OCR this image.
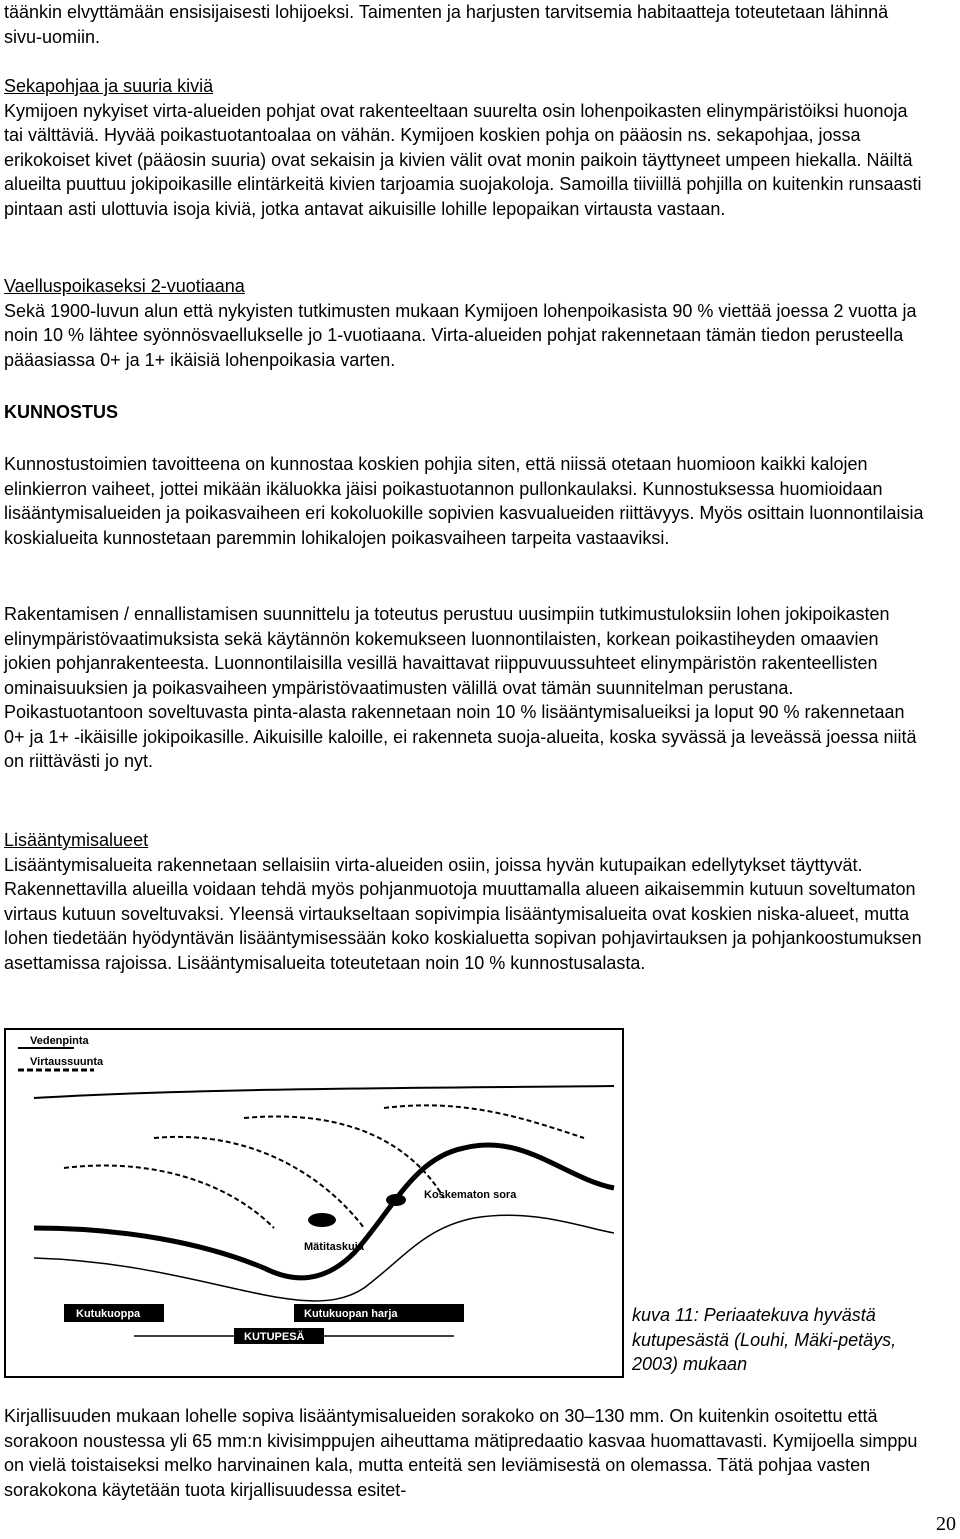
täänkin elvyttämään ensisijaisesti lohijoeksi. Taimenten ja harjusten tarvitsemia habitaatteja toteutetaan lähinnä sivu-uomiin.

Sekapohjaa ja suuria kiviä

Kymijoen nykyiset virta-alueiden pohjat ovat rakenteeltaan suurelta osin lohenpoikasten elinympäristöiksi huonoja tai välttäviä. Hyvää poikastuotantoalaa on vähän. Kymijoen koskien pohja on pääosin ns. sekapohjaa, jossa erikokoiset kivet (pääosin suuria) ovat sekaisin ja kivien välit ovat monin paikoin täyttyneet umpeen hiekalla. Näiltä alueilta puuttuu jokipoikasille elintärkeitä kivien tarjoamia suojakoloja. Samoilla tiiviillä pohjilla on kuitenkin runsaasti pintaan asti ulottuvia isoja kiviä, jotka antavat aikuisille lohille lepopaikan virtausta vastaan.

Vaelluspoikaseksi 2-vuotiaana

Sekä 1900-luvun alun että nykyisten tutkimusten mukaan Kymijoen lohenpoikasista 90 % viettää joessa 2 vuotta ja noin 10 % lähtee syönnösvaellukselle jo 1-vuotiaana. Virta-alueiden pohjat rakennetaan tämän tiedon perusteella pääasiassa 0+ ja 1+ ikäisiä lohenpoikasia varten.

KUNNOSTUS

Kunnostustoimien tavoitteena on kunnostaa koskien pohjia siten, että niissä otetaan huomioon kaikki kalojen elinkierron vaiheet, jottei mikään ikäluokka jäisi poikastuotannon pullonkaulaksi. Kunnostuksessa huomioidaan lisääntymisalueiden ja poikasvaiheen eri kokoluokille sopivien kasvualueiden riittävyys. Myös osittain luonnontilaisia koskialueita kunnostetaan paremmin lohikalojen poikasvaiheen tarpeita vastaaviksi.

Rakentamisen / ennallistamisen suunnittelu ja toteutus perustuu uusimpiin tutkimustuloksiin lohen jokipoikasten elinympäristövaatimuksista sekä käytännön kokemukseen luonnontilaisten, korkean poikastiheyden omaavien jokien pohjanrakenteesta. Luonnontilaisilla vesillä havaittavat riippuvuussuhteet elinympäristön rakenteellisten ominaisuuksien ja poikasvaiheen ympäristövaatimusten välillä ovat tämän suunnitelman perustana. Poikastuotantoon soveltuvasta pinta-alasta rakennetaan noin 10 % lisääntymisalueiksi ja loput 90 % rakennetaan 0+ ja 1+ -ikäisille jokipoikasille. Aikuisille kaloille, ei rakenneta suoja-alueita, koska syvässä ja leveässä joessa niitä on riittävästi jo nyt.

Lisääntymisalueet

Lisääntymisalueita rakennetaan sellaisiin virta-alueiden osiin, joissa hyvän kutupaikan edellytykset täyttyvät. Rakennettavilla alueilla voidaan tehdä myös pohjanmuotoja muuttamalla alueen aikaisemmin kutuun soveltumaton virtaus kutuun soveltuvaksi. Yleensä virtaukseltaan sopivimpia lisääntymisalueita ovat koskien niska-alueet, mutta lohen tiedetään hyödyntävän lisääntymisessään koko koskialuetta sopivan pohjavirtauksen ja pohjankoostumuksen asettamissa rajoissa. Lisääntymisalueita toteutetaan noin 10 % kunnostusalasta.

Vedenpinta
Virtaussuunta
Koskematon sora
Mätitaskuja
Kutukuoppa	Kutukuopan harja
KUTUPESÄ

kuva 11: Periaatekuva hyvästä kutupesästä (Louhi, Mäki-petäys, 2003) mukaan

Kirjallisuuden mukaan lohelle sopiva lisääntymisalueiden sorakoko on 30–130 mm. On kuitenkin osoitettu että sorakoon noustessa yli 65 mm:n kivisimppujen aiheuttama mätipredaatio kasvaa huomattavasti. Kymijoella simppu on vielä toistaiseksi melko harvinainen kala, mutta enteitä sen leviämisestä on olemassa. Tätä pohjaa vasten sorakokona käytetään tuota kirjallisuudessa esitet-

20
